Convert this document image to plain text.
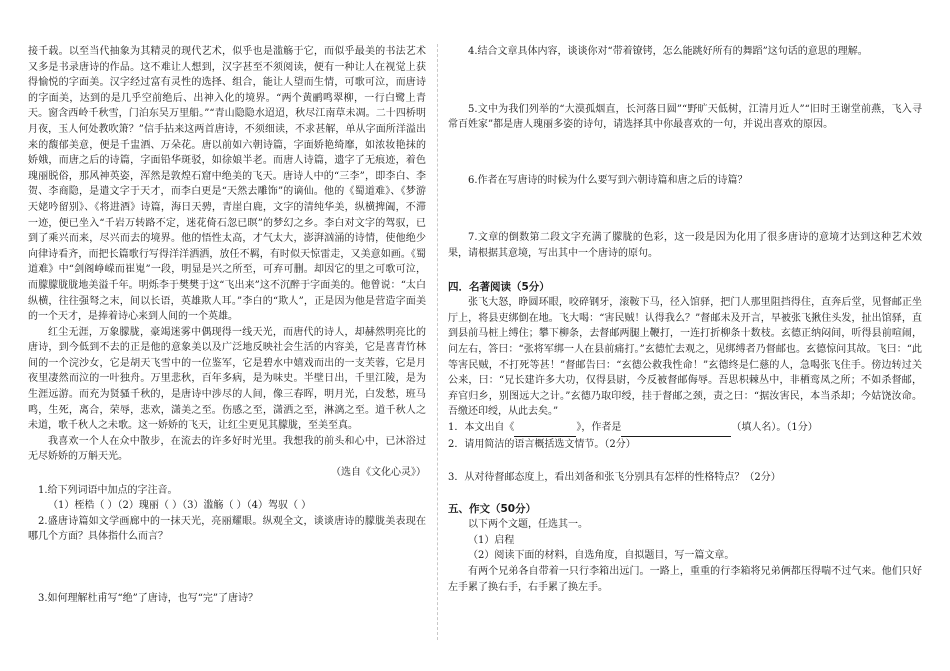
接千载。以至当代抽象为其精灵的现代艺术，似乎也是滥觞于它，而似乎最美的书法艺术又多是书录唐诗的作品。这不难让人想到，汉字甚至不须阅读，便有一种让人在视觉上获得愉悦的字面美。汉字经过富有灵性的选择、组合，能让人望而生情，可歌可泣，而唐诗的字面美，达到的是几乎空前绝后、出神入化的境界。“两个黄鹂鸣翠柳，一行白鹭上青天。窗含西岭千秋雪，门泊东吴万里船。”“青山隐隐水迢迢，秋尽江南草未凋。二十四桥明月夜，玉人何处教吹箫？”信手拈来这两首唐诗，不须细读，不求甚解，单从字面所洋溢出来的馥郁美意，便是千盅酒、万朵花。唐以前如六朝诗篇，字面娇艳绮靡，如浓妆艳抹的娇娥，而唐之后的诗篇，字面铅华斑驳，如徐娘半老。而唐人诗篇，遗字了无痕迹，着色瑰丽脱俗，那风神英姿，浑然是敦煌石窟中绝美的飞天。唐诗人中的“三李”，即李白、李贺、李商隐，是遣文字于天才，而李白更是“天然去雕饰”的谪仙。他的《蜀道难》、《梦游天姥吟留别》、《将进酒》诗篇，海日天骋，青崖白鹿，文字的清纯华美，纵横捭阖，不滞一迹，便已坐入“千岩万转路不定，迷花倚石忽已暝”的梦幻之乡。李白对文字的驾驭，已到了乘兴而来，尽兴而去的境界。他的悟性太高，才气太大，澎湃汹涌的诗情，使他绝少向律诗看齐，而把长篇歌行写得洋洋洒洒，放任不羁，有时似天惊雷走，又美意如画。《蜀道难》中“剑阁峥嵘而崔嵬”一段，明显是兴之所至，可弃可删。却因它的里之可歌可泣，而朦朦胧胧地美溢千年。明烁李于樊樊于这“飞出来”这不沉醉于字面美的。他曾说：“太白纵横，往往强弩之末，间以长语，英雄欺人耳。”李白的“欺人”，正是因为他是营造字面美的一个天才，是捧着诗心来到人间的一个英雄。

红尘无涯，万象朦胧，豪竭迷雾中偶现得一线天光，而唐代的诗人，却赫然明亮比的唐诗，到今低到不去的正是他的意象美以及广泛地反映社会生活的内容美，它是喜青竹林间的一个浣沙女，它是胡天飞雪中的一位鉴军，它是碧水中嬉戏而出的一支芙蓉，它是月夜里凄然而泣的一叶独舟。万里悲秋，百年多病，是为味史。半壁日出，千里江陵，是为生涯远游。而充为贤骚千秋的，是唐诗中涉尽的人间，像三春晖，明月光，白发愁，班马鸣，生死，离合，荣辱，悲欢，潇美之至。伤感之至，潇洒之至，淋漓之至。道千秋人之未道，歌千秋人之未歌。这一娇娇的飞天，让红尘更见其朦胧，至美至真。

我喜欢一个人在众中散步，在流去的许多好时光里。我想我的前头和心中，已沐浴过无尽娇娇的万斛天光。

（选自《文化心灵》）

1.给下列词语中加点的字注音。

（1）桎梏（ ）（2）瑰丽（ ）（3）滥觞（ ）（4）驾驭（ ）

2.盛唐诗篇如文学画廊中的一抹天光，亮丽耀眼。纵观全文，谈谈唐诗的朦胧美表现在哪几个方面？具体指什么而言？

3.如何理解杜甫写“绝”了唐诗，也写“完”了唐诗？

4.结合文章具体内容，谈谈你对“带着镣铐，怎么能跳好所有的舞蹈”这句话的意思的理解。

5.文中为我们列举的“大漠孤烟直，长河落日圆”“野旷天低树，江清月近人”“旧时王谢堂前燕，飞入寻常百姓家”都是唐人瑰丽多姿的诗句，请选择其中你最喜欢的一句，并说出喜欢的原因。

6.作者在写唐诗的时候为什么要写到六朝诗篇和唐之后的诗篇？

7.文章的倒数第二段文字充满了朦胧的色彩，这一段是因为化用了很多唐诗的意境才达到这种艺术效果，请根据其意境，写出其中一个唐诗的原句。

四．名著阅读（5分）

张飞大怒，睁圆环眼，咬碎钢牙，滚鞍下马，径入馆驿，把门人那里阻挡得住，直奔后堂，见督邮正坐厅上，将县吏绑倒在地。飞大喝：“害民贼！认得我么？”督邮未及开言，早被张飞揪住头发，扯出馆驿，直到县前马桩上缚住；攀下柳条，去督邮两腿上鞭打，一连打折柳条十数枝。玄德正纳闷间，听得县前喧闹，问左右，答曰：“张将军绑一人在县前痛打。”玄德忙去观之，见绑缚者乃督邮也。玄德惊问其故。飞曰：“此等害民贼，不打死等甚！”督邮告曰：“玄德公救我性命！”玄德终是仁慈的人，急喝张飞住手。傍边转过关公来，曰：“兄长建许多大功，仅得县尉，今反被督邮侮辱。吾思枳棘丛中，非栖鸾凤之所；不如杀督邮，弃官归乡，别图远大之计。”玄德乃取印绶，挂于督邮之颈，责之曰：“据汝害民，本当杀却；今姑饶汝命。吾缴还印绶，从此去矣。”

1．本文出自《	》，作者是	（填人名）。（1分）

2．请用简洁的语言概括选文情节。（2分）

3．从对待督邮态度上，看出刘备和张飞分别具有怎样的性格特点？（2分）

五、作文（50分）

以下两个文题，任选其一。

（1）启程

（2）阅读下面的材料，自选角度，自拟题目，写一篇文章。

有两个兄弟各自带着一只行李箱出远门。一路上，重重的行李箱将兄弟俩都压得喘不过气来。他们只好左手累了换右手，右手累了换左手。
